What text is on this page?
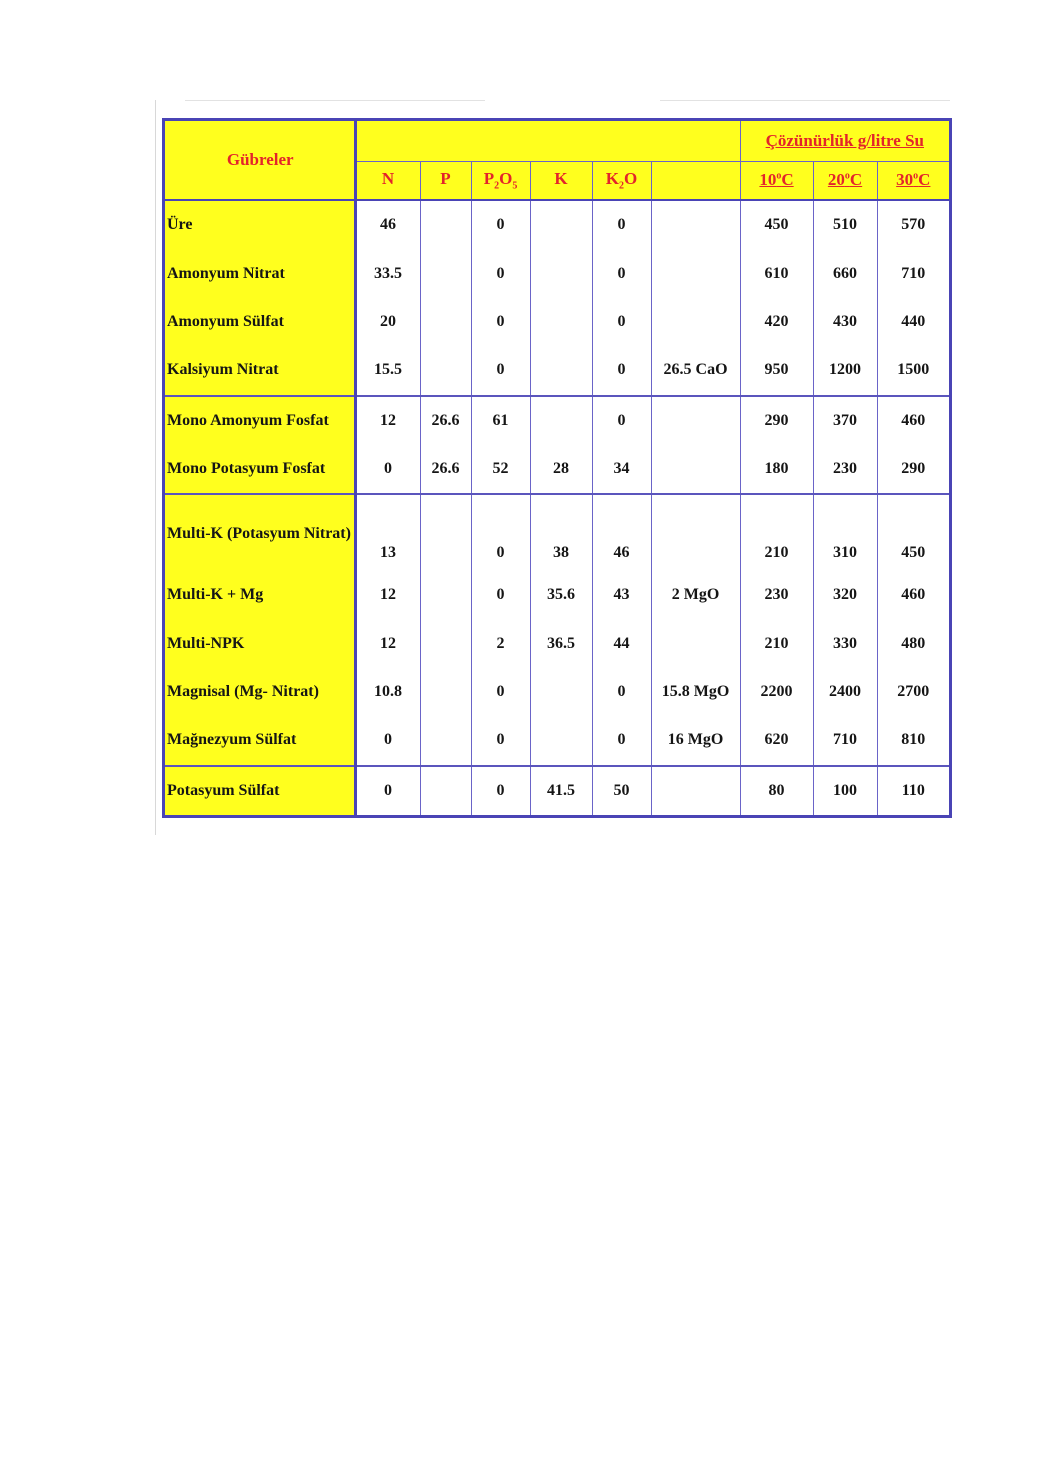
Gübreler							Çözünürlük g/litre Su		
	N	P	$P_2O_5$	K	$K_2O$		10$^o$C	20$^o$C	30$^o$C

Üre	46		0		0		450	510	570

Amonyum Nitrat	33.5		0		0		610	660	710

Amonyum Sülfat	20		0		0		420	430	440

Kalsiyum Nitrat	15.5		0		0	26.5 CaO	950	1200	1500

Mono Amonyum Fosfat	12	26.6	61		0		290	370	460

Mono Potasyum Fosfat	0	26.6	52	28	34		180	230	290

Multi-K (Potasyum Nitrat)	13		0	38	46		210	310	450

Multi-K + Mg	12		0	35.6	43	2 MgO	230	320	460

Multi-NPK	12		2	36.5	44		210	330	480

Magnisal (Mg- Nitrat)	10.8		0		0	15.8 MgO	2200	2400	2700

Mağnezyum Sülfat	0		0		0	16 MgO	620	710	810

Potasyum Sülfat	0		0	41.5	50		80	100	110
